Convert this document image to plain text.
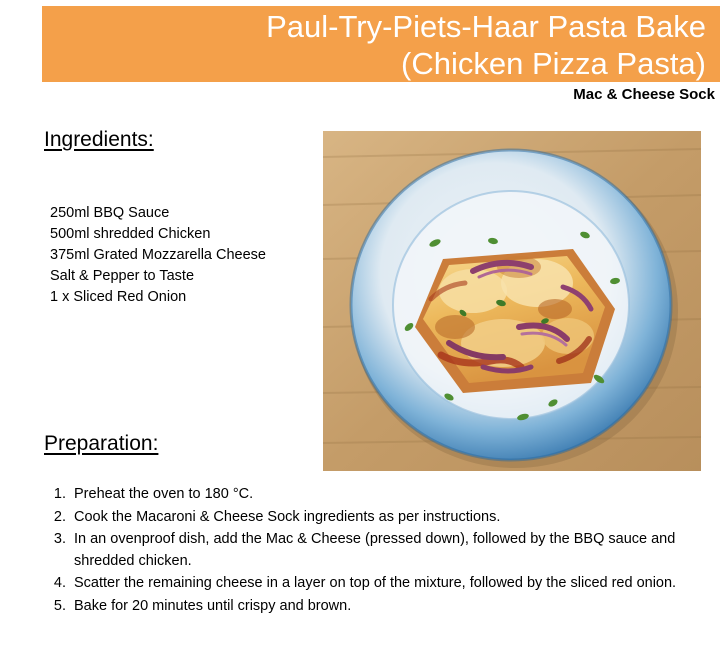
Paul-Try-Piets-Haar Pasta Bake
(Chicken Pizza Pasta)
Mac & Cheese Sock
Ingredients:
250ml BBQ Sauce
500ml shredded Chicken
375ml Grated Mozzarella Cheese
Salt & Pepper to Taste
1 x Sliced Red Onion
Preparation:
1. Preheat the oven to 180 °C.
2. Cook the Macaroni & Cheese Sock ingredients as per instructions.
3. In an ovenproof dish, add the Mac & Cheese (pressed down), followed by the BBQ sauce and shredded chicken.
4. Scatter the remaining cheese in a layer on top of the mixture, followed by the sliced red onion.
5. Bake for 20 minutes until crispy and brown.
